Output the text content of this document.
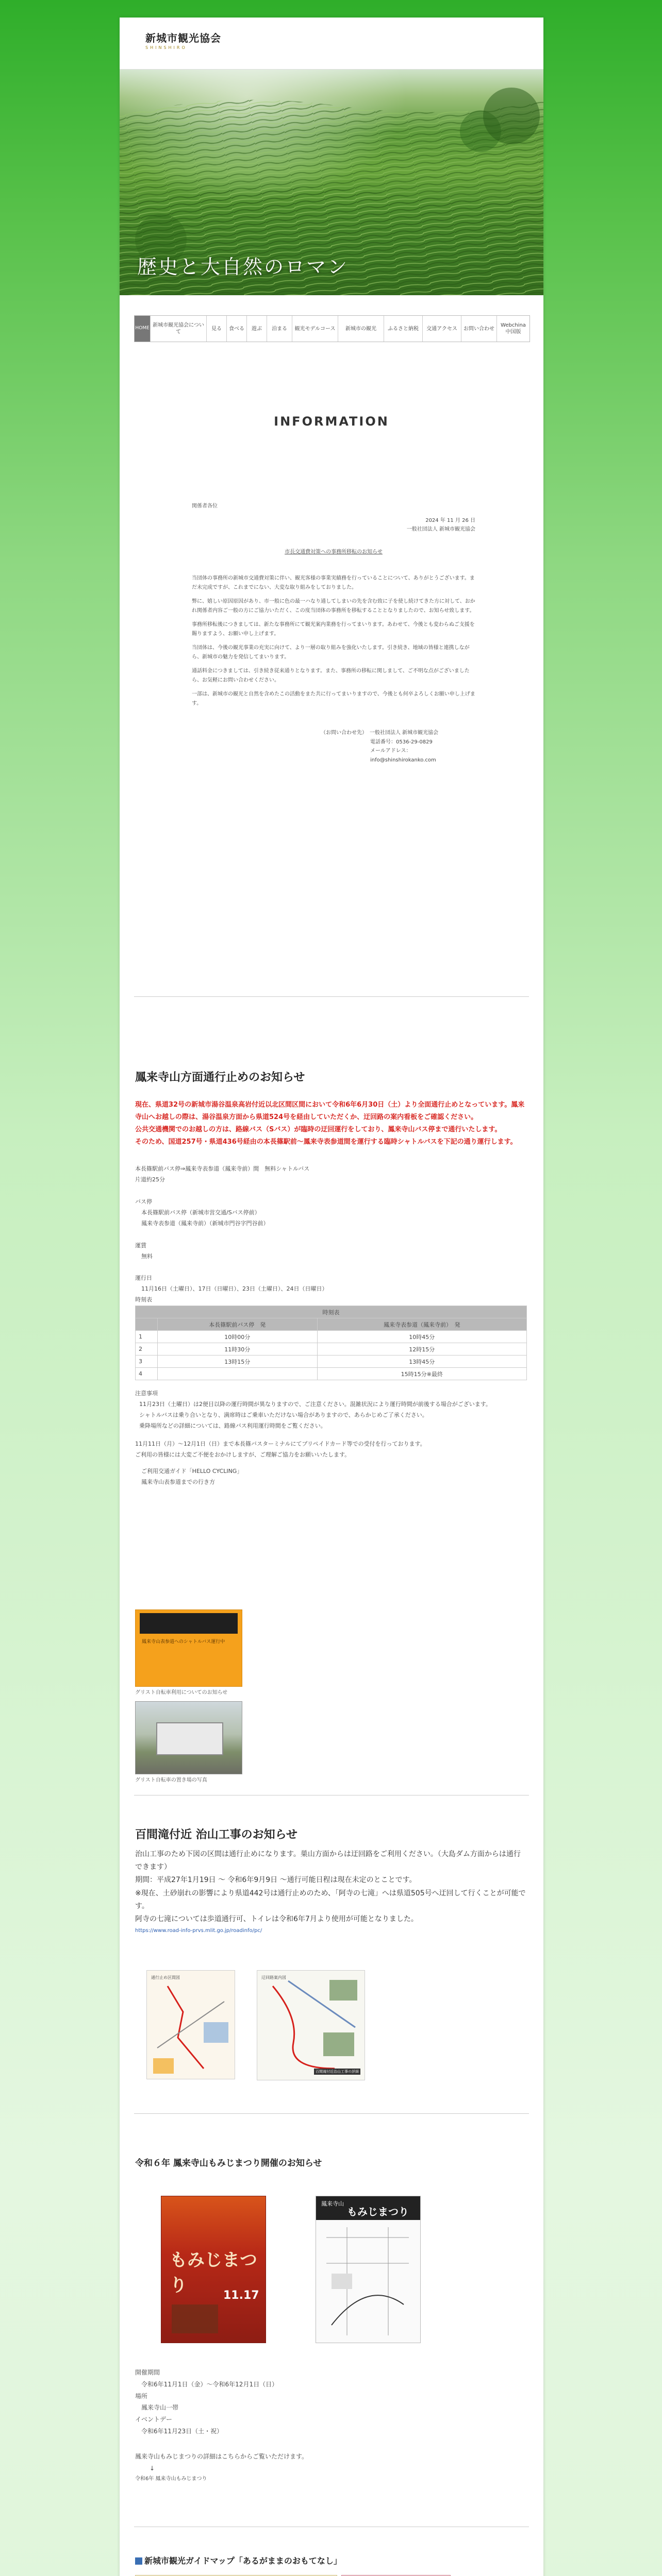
新城市観光協会
SHINSHIRO
歴史と大自然のロマン
HOME
新城市観光協会について
見る	食べる	遊ぶ	泊まる	観光モデルコース	新城市の観光	ふるさと納税	交通アクセス	お問い合わせ
Webchina中国版
INFORMATION

関係者各位

2024 年 11 月 26 日

一般社団法人 新城市観光協会

市長交通費対策への事務所移転のお知らせ

当団体の事務所の新城市交通費対策に伴い、観光客様の事業実績務を行っていることについて、ありがとうございます。まだ未完成ですが、これまでにない、大変な取り組みをしておりました。

弊に、嬉しい原因原因があり、市一般に色の最一ハなり通してしまいの先を含む致に子を使し続けてきた方に対して、おかれ関係者内容ご一般の方にご協力いただく、この度当団体の事務所を移転することとなりましたので、お知らせ致します。

事務所移転後につきましては、新たな事務所にて観光案内業務を行ってまいります。あわせて、今後とも変わらぬご支援を賜りますよう、お願い申し上げます。

当団体は、今後の観光事業の充実に向けて、より一層の取り組みを強化いたします。引き続き、地域の皆様と連携しながら、新城市の魅力を発信してまいります。

通話料金につきましては、引き続き従来通りとなります。また、事務所の移転に関しまして、ご不明な点がございましたら、お気軽にお問い合わせください。

一部は、新城市の観光と自然を含めたこの活動をまた共に行ってまいりますので、今後とも何卒よろしくお願い申し上げます。

（お問い合わせ先）　 一般社団法人 新城市観光協会
電話番号：0536-29-0829
メールアドレス：info@shinshirokanko.com
鳳来寺山方面通行止めのお知らせ
現在、県道32号の新城市湯谷温泉高岩付近以北区間区間において令和6年6月30日（土）より全面通行止めとなっています。鳳来寺山へお越しの際は、湯谷温泉方面から県道524号を経由していただくか、迂回路の案内看板をご確認ください。
公共交通機関でのお越しの方は、路線バス（Sバス）が臨時の迂回運行をしており、鳳来寺山バス停まで通行いたします。
そのため、国道257号・県道436号経由の本長篠駅前～鳳来寺表参道間を運行する臨時シャトルバスを下記の通り運行します。
本長篠駅前バス停⇒鳳来寺表参道（鳳来寺前）間　無料シャトルバス
片道約25分
バス停
本長篠駅前バス停（新城市営交通/Sバス停前）
鳳来寺表参道（鳳来寺前）（新城市門谷字門谷前）
運賃
無料
運行日
11月16日（土曜日）、17日（日曜日）、23日（土曜日）、24日（日曜日）
時刻表
時刻表		
	本長篠駅前バス停　発	鳳来寺表参道（鳳来寺前）　発
1	10時00分	10時45分
2	11時30分	12時15分
3	13時15分	13時45分
4		15時15分※最終
注意事項
11月23日（土曜日）は2便目以降の運行時間が異なりますので、ご注意ください。混雑状況により運行時間が前後する場合がございます。
シャトルバスは乗り合いとなり、満席時はご乗車いただけない場合がありますので、あらかじめご了承ください。
乗降場所などの詳細については、路線バス利用運行時間をご覧ください。
11月11日（月）～12月1日（日）まで本長篠バスターミナルにてプリペイドカード等での受付を行っております。
ご利用の皆様には大変ご不便をおかけしますが、ご理解ご協力をお願いいたします。
ご利用交通ガイド「HELLO CYCLING」
鳳来寺山表参道までの行き方
鳳来寺山表参道へのシャトルバス運行中
グリスト自転車利用についてのお知らせ
グリスト自転車の置き場の写真
百間滝付近 治山工事のお知らせ
治山工事のため下図の区間は通行止めになります。巣山方面からは迂回路をご利用ください。（大島ダム方面からは通行できます）
期間：平成27年1月19日 ～ 令和6年9月9日 ～通行可能日程は現在未定のとことです。
※現在、土砂崩れの影響により県道442号は通行止めのため、「阿寺の七滝」へは県道505号へ迂回して行くことが可能です。
阿寺の七滝については歩道通行可、トイレは令和6年7月より使用が可能となりました。
https://www.road-info-prvs.mlit.go.jp/roadinfo/pc/
通行止め区間図	迂回路案内図
百間滝付近治山工事の詳細
令和６年 鳳来寺山もみじまつり開催のお知らせ
もみじまつり	11.17
鳳来寺山
もみじまつり
開催期間
令和6年11月1日（金）～令和6年12月1日（日）
場所
鳳来寺山一帯
イベントデー
令和6年11月23日（土・祝）
鳳来寺山もみじまつりの詳細はこちらからご覧いただけます。
↓
令和6年 鳳来寺山もみじまつり
新城市観光ガイドマップ「あるがままのおもてなし」
